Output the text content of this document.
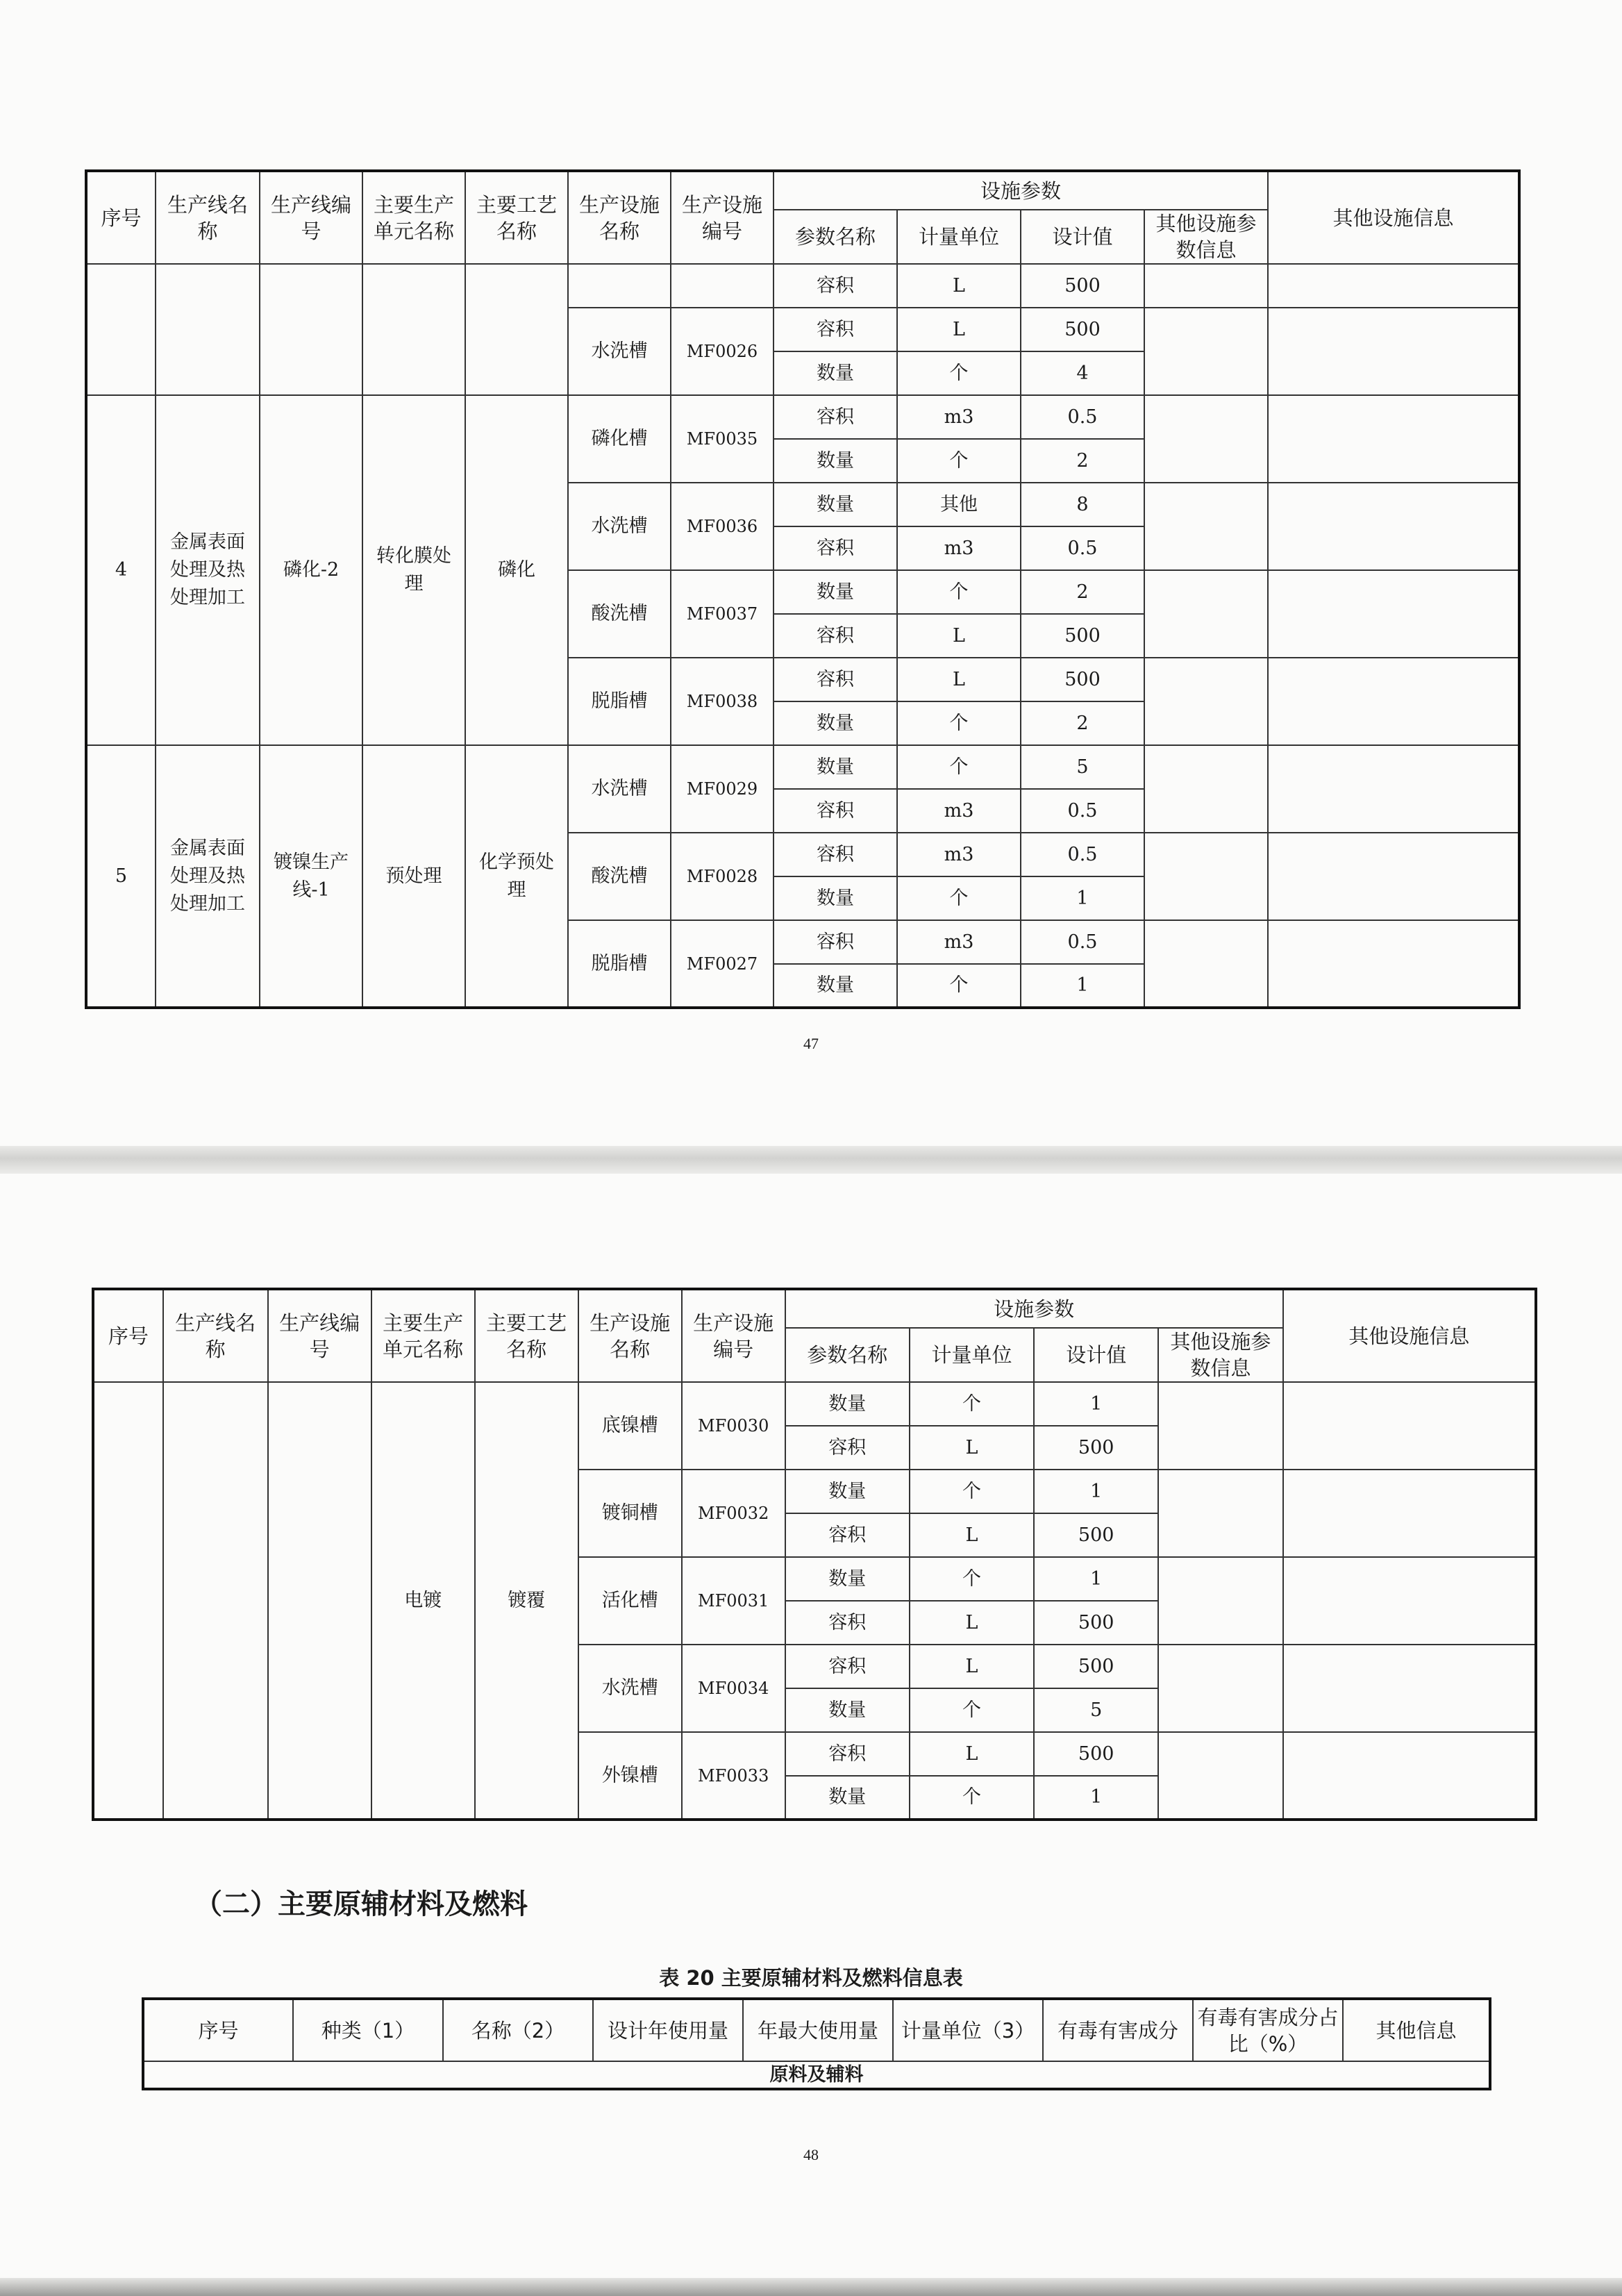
序号	生产线名称	生产线编号	主要生产单元名称	主要工艺名称	生产设施名称	生产设施编号	设施参数				其他设施信息
							参数名称	计量单位	设计值	其他设施参数信息	
							容积	L	500		
					水洗槽	MF0026	容积	L	500		
							数量	个	4		
4	金属表面处理及热处理加工	磷化-2	转化膜处理	磷化	磷化槽	MF0035	容积	m3	0.5		
							数量	个	2		
					水洗槽	MF0036	数量	其他	8		
							容积	m3	0.5		
					酸洗槽	MF0037	数量	个	2		
							容积	L	500		
					脱脂槽	MF0038	容积	L	500		
							数量	个	2		
5	金属表面处理及热处理加工	镀镍生产线-1	预处理	化学预处理	水洗槽	MF0029	数量	个	5		
							容积	m3	0.5		
					酸洗槽	MF0028	容积	m3	0.5		
							数量	个	1		
					脱脂槽	MF0027	容积	m3	0.5		
							数量	个	1		
47
序号	生产线名称	生产线编号	主要生产单元名称	主要工艺名称	生产设施名称	生产设施编号	设施参数				其他设施信息
							参数名称	计量单位	设计值	其他设施参数信息	
			电镀	镀覆	底镍槽	MF0030	数量	个	1		
							容积	L	500		
					镀铜槽	MF0032	数量	个	1		
							容积	L	500		
					活化槽	MF0031	数量	个	1		
							容积	L	500		
					水洗槽	MF0034	容积	L	500		
							数量	个	5		
					外镍槽	MF0033	容积	L	500		
							数量	个	1		
（二）主要原辅材料及燃料
表 20 主要原辅材料及燃料信息表
序号	种类（1）	名称（2）	设计年使用量	年最大使用量	计量单位（3）	有毒有害成分	有毒有害成分占比（%）	其他信息
原料及辅料
48
